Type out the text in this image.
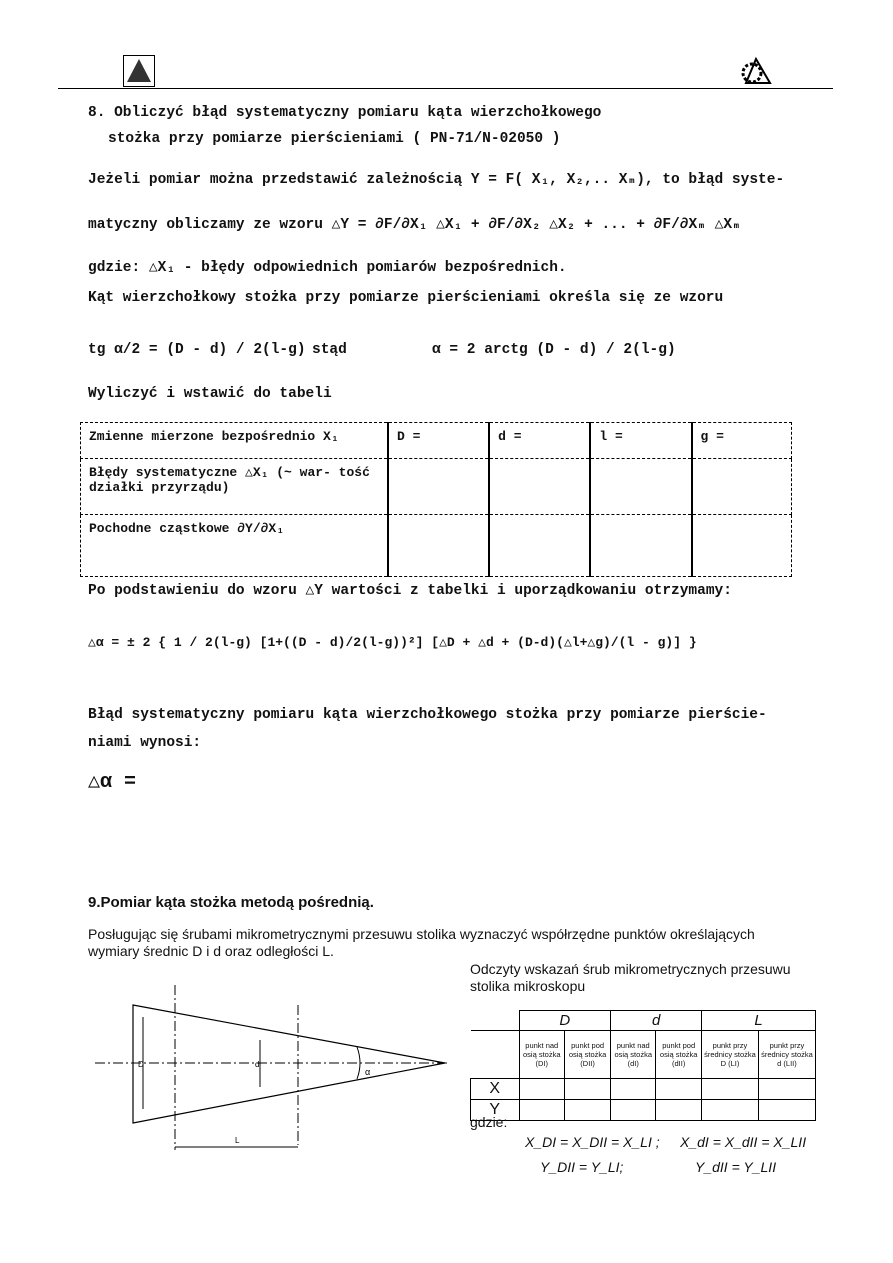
8. Obliczyć błąd systematyczny pomiaru kąta wierzchołkowego
stożka przy pomiarze pierścieniami ( PN-71/N-02050 )
Jeżeli pomiar można przedstawić zależnością Y = F( X₁, X₂,.. Xₘ), to błąd syste-
matyczny obliczamy ze wzoru △Y = ∂F/∂X₁ △X₁ + ∂F/∂X₂ △X₂ + ... + ∂F/∂Xₘ △Xₘ
gdzie: △X₁ - błędy odpowiednich pomiarów bezpośrednich.
Kąt wierzchołkowy stożka przy pomiarze pierścieniami określa się ze wzoru
tg α/2 = (D - d) / 2(l-g) stąd	α = 2 arctg (D - d) / 2(l-g)
Wyliczyć i wstawić do tabeli
Zmienne mierzone bezpośrednio X₁	D =	d =	l =	g =
Błędy systematyczne △X₁ (~ war- tość działki przyrządu)				
Pochodne cząstkowe ∂Y/∂X₁				
Po podstawieniu do wzoru △Y wartości z tabelki i uporządkowaniu otrzymamy:
△α = ± 2 { 1 / 2(l-g) [1+((D - d)/2(l-g))²] [△D + △d + (D-d)(△l+△g)/(l - g)] }
Błąd systematyczny pomiaru kąta wierzchołkowego stożka przy pomiarze pierście-
niami wynosi:
△α =
9.Pomiar kąta stożka metodą pośrednią.
Posługując się śrubami mikrometrycznymi przesuwu stolika wyznaczyć współrzędne punktów określających
wymiary średnic D i d oraz odległości L.
Odczyty wskazań śrub mikrometrycznych przesuwu
stolika mikroskopu
D	d
L
α
	D		d		L	
	punkt nad osią stożka (DI)	punkt pod osią stożka (DII)	punkt nad osią stożka (dI)	punkt pod osią stożka (dII)	punkt przy średnicy stożka D (LI)	punkt przy średnicy stożka d (LII)
X						
Y						
gdzie:
X_DI = X_DII = X_LI ; X_dI = X_dII = X_LII
Y_DII = Y_LI;	Y_dII = Y_LII
